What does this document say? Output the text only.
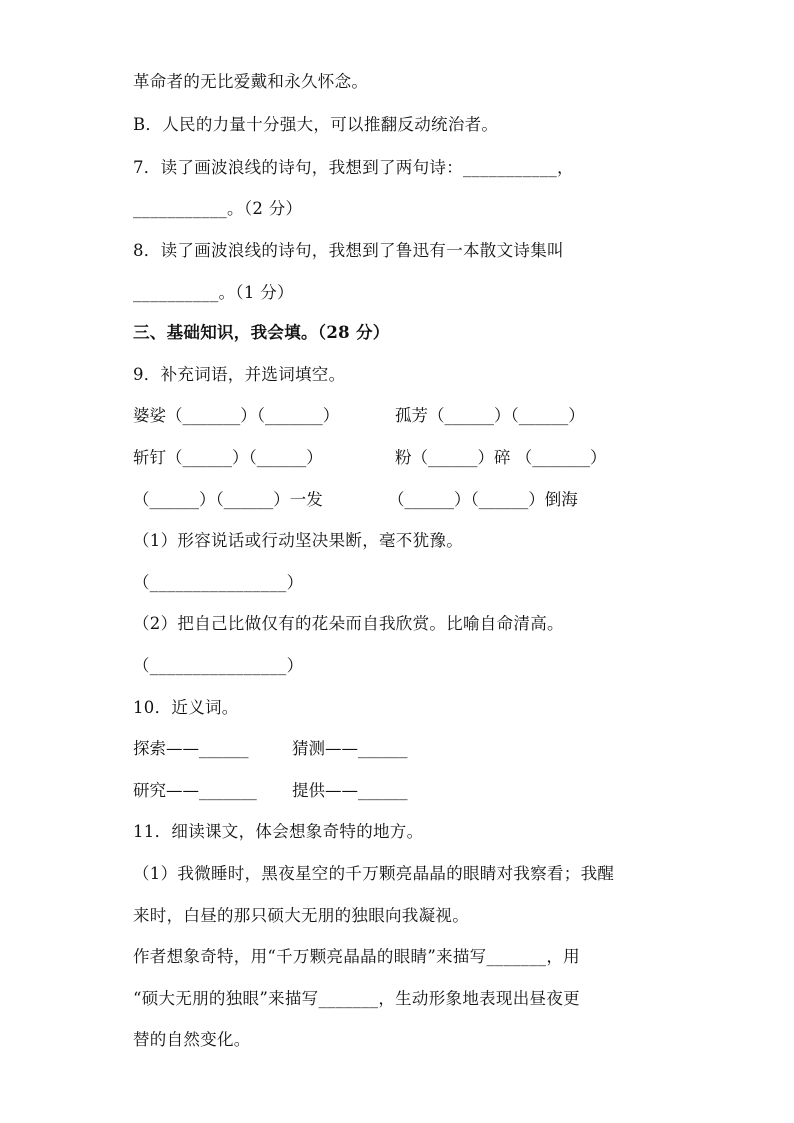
革命者的无比爱戴和永久怀念。
B．人民的力量十分强大，可以推翻反动统治者。
7．读了画波浪线的诗句，我想到了两句诗：___________，
___________。（2 分）
8．读了画波浪线的诗句，我想到了鲁迅有一本散文诗集叫
__________。（1 分）
三、基础知识，我会填。（28 分）
9．补充词语，并选词填空。
婆娑（_______）（_______）	孤芳（______）（______）
斩钉（______）（______）	粉（______）碎 （_______）
（______）（______）一发	（______）（______）倒海
（1）形容说话或行动坚决果断，毫不犹豫。
（________________）
（2）把自己比做仅有的花朵而自我欣赏。比喻自命清高。
（________________）
10．近义词。
探索——______	猜测——______
研究——_______ 提供——______
11．细读课文，体会想象奇特的地方。
（1）我微睡时，黑夜星空的千万颗亮晶晶的眼睛对我察看；我醒
来时，白昼的那只硕大无朋的独眼向我凝视。
作者想象奇特，用“千万颗亮晶晶的眼睛”来描写_______，用
“硕大无朋的独眼”来描写_______，生动形象地表现出昼夜更
替的自然变化。
